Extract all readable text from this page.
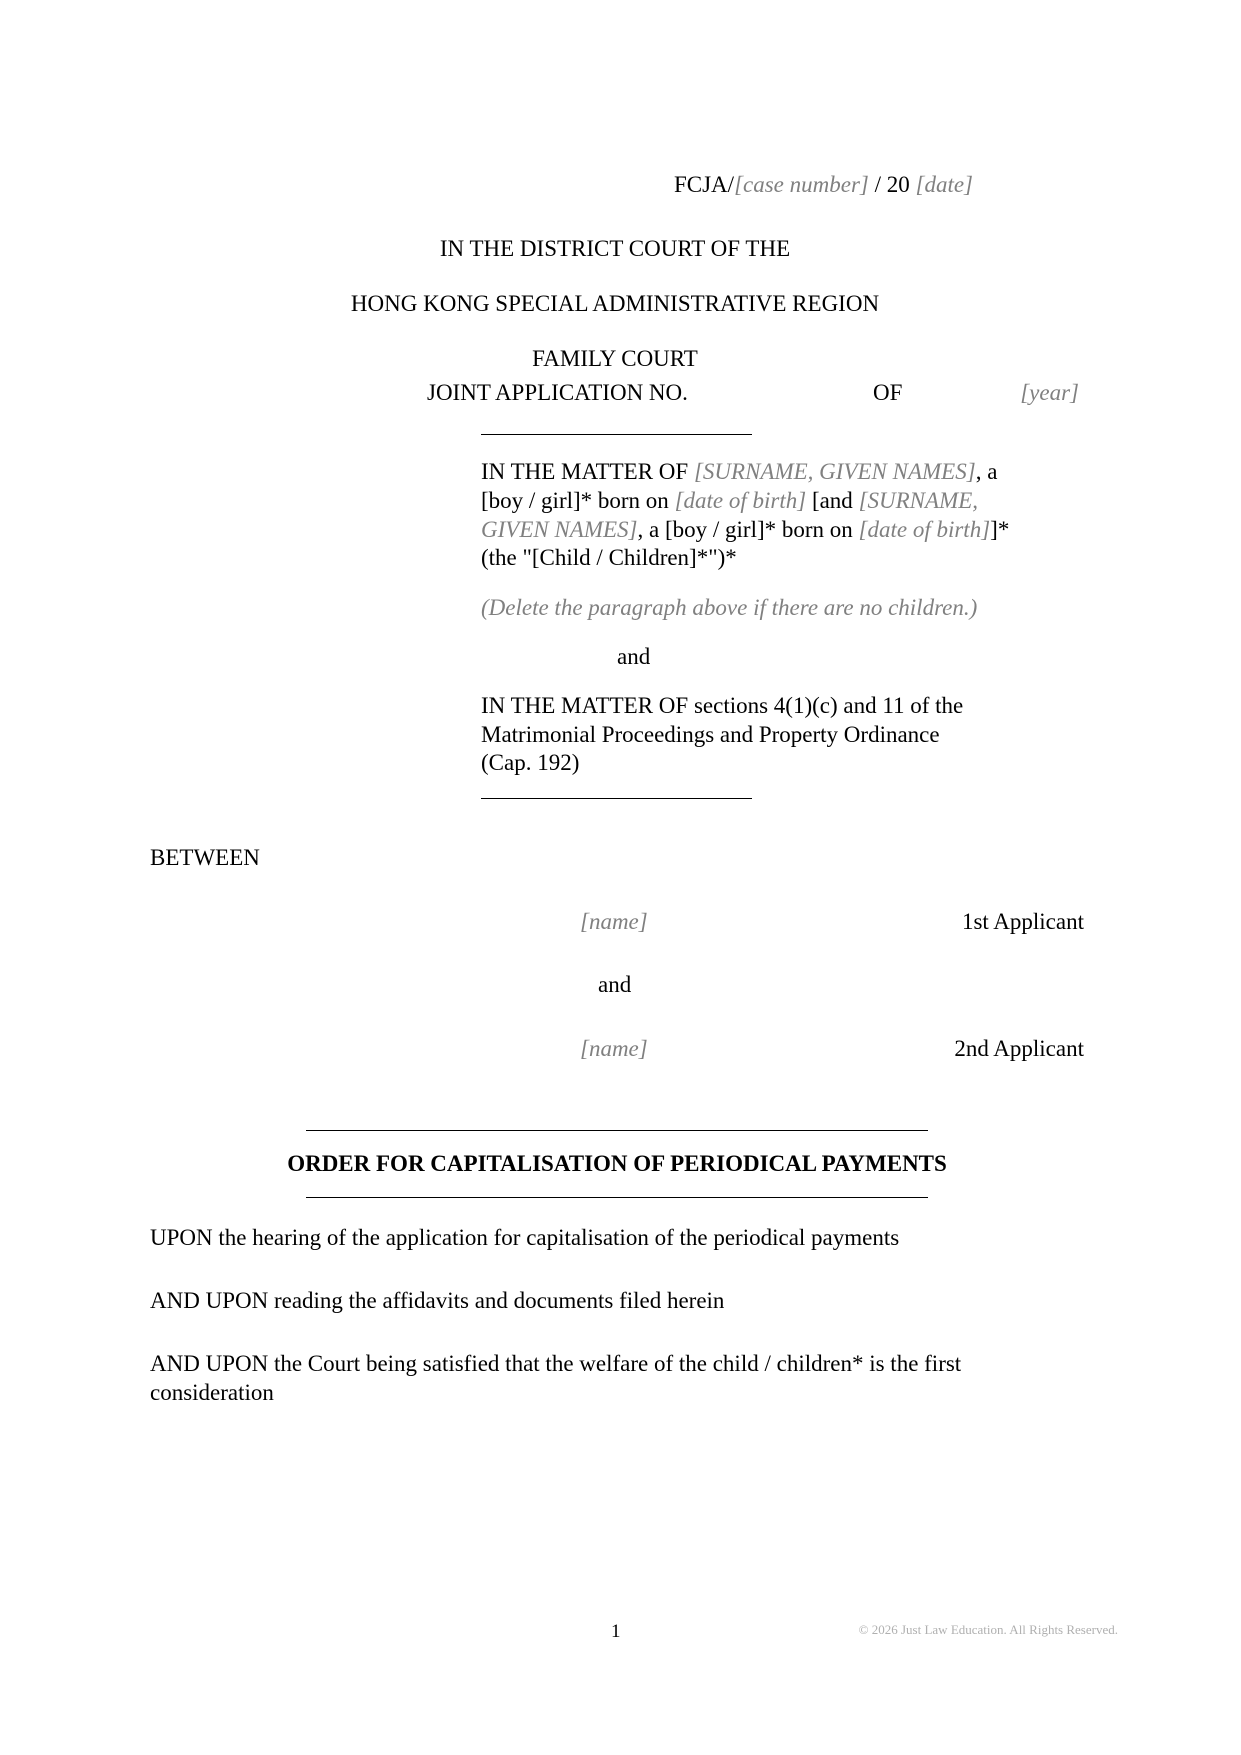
FCJA/[case number] / 20 [date]
IN THE DISTRICT COURT OF THE
HONG KONG SPECIAL ADMINISTRATIVE REGION
FAMILY COURT
JOINT APPLICATION NO.	OF	[year]
IN THE MATTER OF [SURNAME, GIVEN NAMES], a
[boy / girl]* born on [date of birth] [and [SURNAME,
GIVEN NAMES], a [boy / girl]* born on [date of birth]]*
(the "[Child / Children]*")*
(Delete the paragraph above if there are no children.)
and
IN THE MATTER OF sections 4(1)(c) and 11 of the
Matrimonial Proceedings and Property Ordinance
(Cap. 192)
BETWEEN
[name]	1st Applicant
and
[name]	2nd Applicant
ORDER FOR CAPITALISATION OF PERIODICAL PAYMENTS
UPON the hearing of the application for capitalisation of the periodical payments
AND UPON reading the affidavits and documents filed herein
AND UPON the Court being satisfied that the welfare of the child / children* is the first
consideration
1	© 2026 Just Law Education. All Rights Reserved.
